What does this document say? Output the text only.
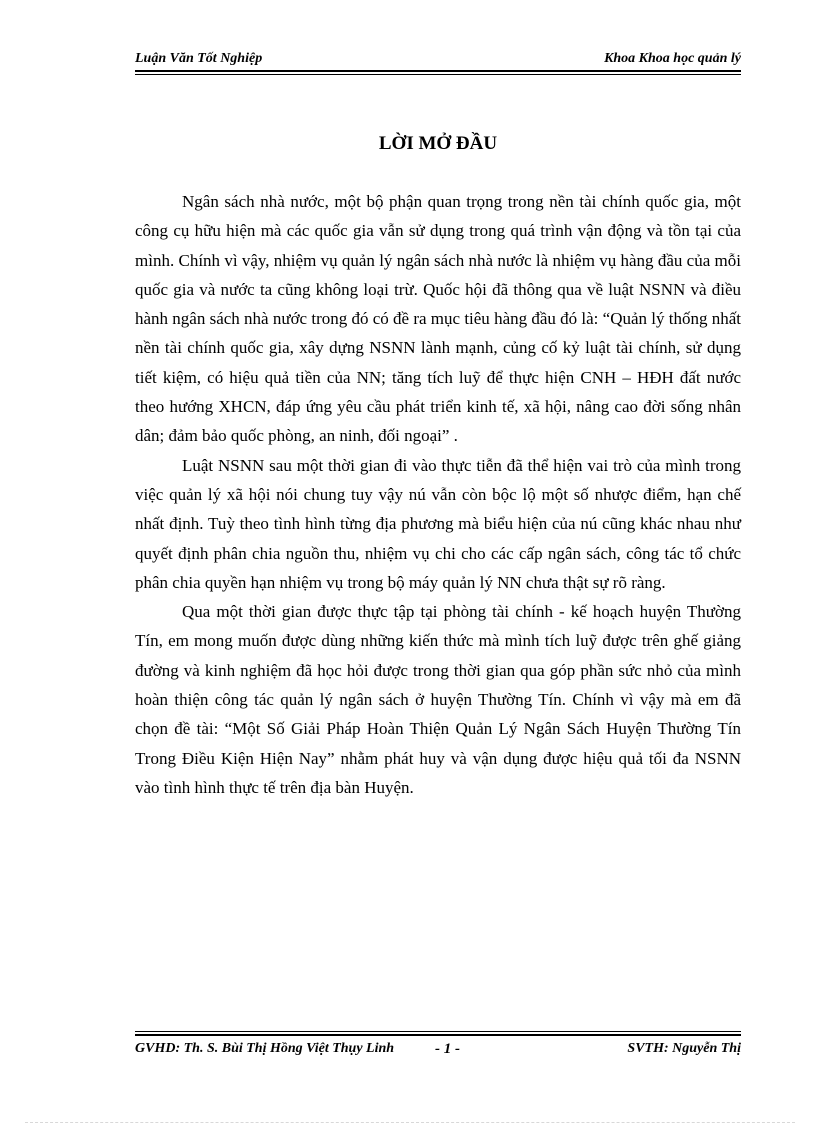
Luận Văn Tốt Nghiệp	Khoa Khoa học quản lý
LỜI MỞ ĐẦU

Ngân sách nhà nước, một bộ phận quan trọng trong nền tài chính quốc gia, một công cụ hữu hiện mà các quốc gia vẫn sử dụng trong quá trình vận động và tồn tại của mình. Chính vì vậy, nhiệm vụ quản lý ngân sách nhà nước là nhiệm vụ hàng đầu của mỗi quốc gia và nước ta cũng không loại trừ. Quốc hội đã thông qua về luật NSNN và điều hành ngân sách nhà nước trong đó có đề ra mục tiêu hàng đầu đó là: “Quản lý thống nhất nền tài chính quốc gia, xây dựng NSNN lành mạnh, củng cố kỷ luật tài chính, sử dụng tiết kiệm, có hiệu quả tiền của NN; tăng tích luỹ để thực hiện CNH – HĐH đất nước theo hướng XHCN, đáp ứng yêu cầu phát triển kinh tế, xã hội, nâng cao đời sống nhân dân; đảm bảo quốc phòng, an ninh, đối ngoại” .

Luật NSNN sau một thời gian đi vào thực tiễn đã thể hiện vai trò của mình trong việc quản lý xã hội nói chung tuy vậy nú vẫn còn bộc lộ một số nhược điểm, hạn chế nhất định. Tuỳ theo tình hình từng địa phương mà biểu hiện của nú cũng khác nhau như quyết định phân chia nguồn thu, nhiệm vụ chi cho các cấp ngân sách, công tác tổ chức phân chia quyền hạn nhiệm vụ trong bộ máy quản lý NN chưa thật sự rõ ràng.

Qua một thời gian được thực tập tại phòng tài chính - kế hoạch huyện Thường Tín, em mong muốn được dùng những kiến thức mà mình tích luỹ được trên ghế giảng đường và kinh nghiệm đã học hỏi được trong thời gian qua góp phần sức nhỏ của mình hoàn thiện công tác quản lý ngân sách ở huyện Thường Tín. Chính vì vậy mà em đã chọn đề tài: “Một Số Giải Pháp Hoàn Thiện Quản Lý Ngân Sách Huyện Thường Tín Trong Điều Kiện Hiện Nay” nhằm phát huy và vận dụng được hiệu quả tối đa NSNN vào tình hình thực tế trên địa bàn Huyện.

GVHD: Th. S. Bùi Thị Hồng Việt Thụy Linh	- 1 -	SVTH: Nguyễn Thị
